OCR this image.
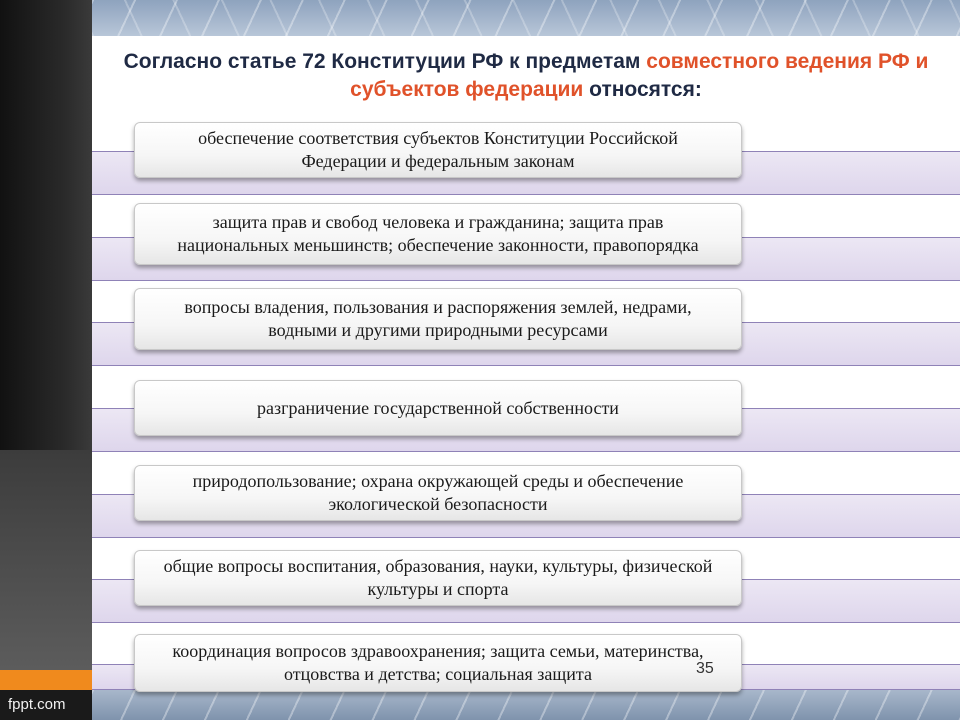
fppt.com
Согласно статье 72 Конституции РФ к предметам совместного ведения РФ и субъектов федерации относятся:
обеспечение соответствия субъектов Конституции Российской Федерации и федеральным законам
защита прав и свобод человека и гражданина; защита прав национальных меньшинств; обеспечение законности, правопорядка
вопросы владения, пользования и распоряжения землей, недрами, водными и другими природными ресурсами
разграничение государственной собственности
природопользование; охрана окружающей среды и обеспечение экологической безопасности
общие вопросы воспитания, образования, науки, культуры, физической культуры и спорта
координация вопросов здравоохранения; защита семьи, материнства, отцовства и детства; социальная защита	35
